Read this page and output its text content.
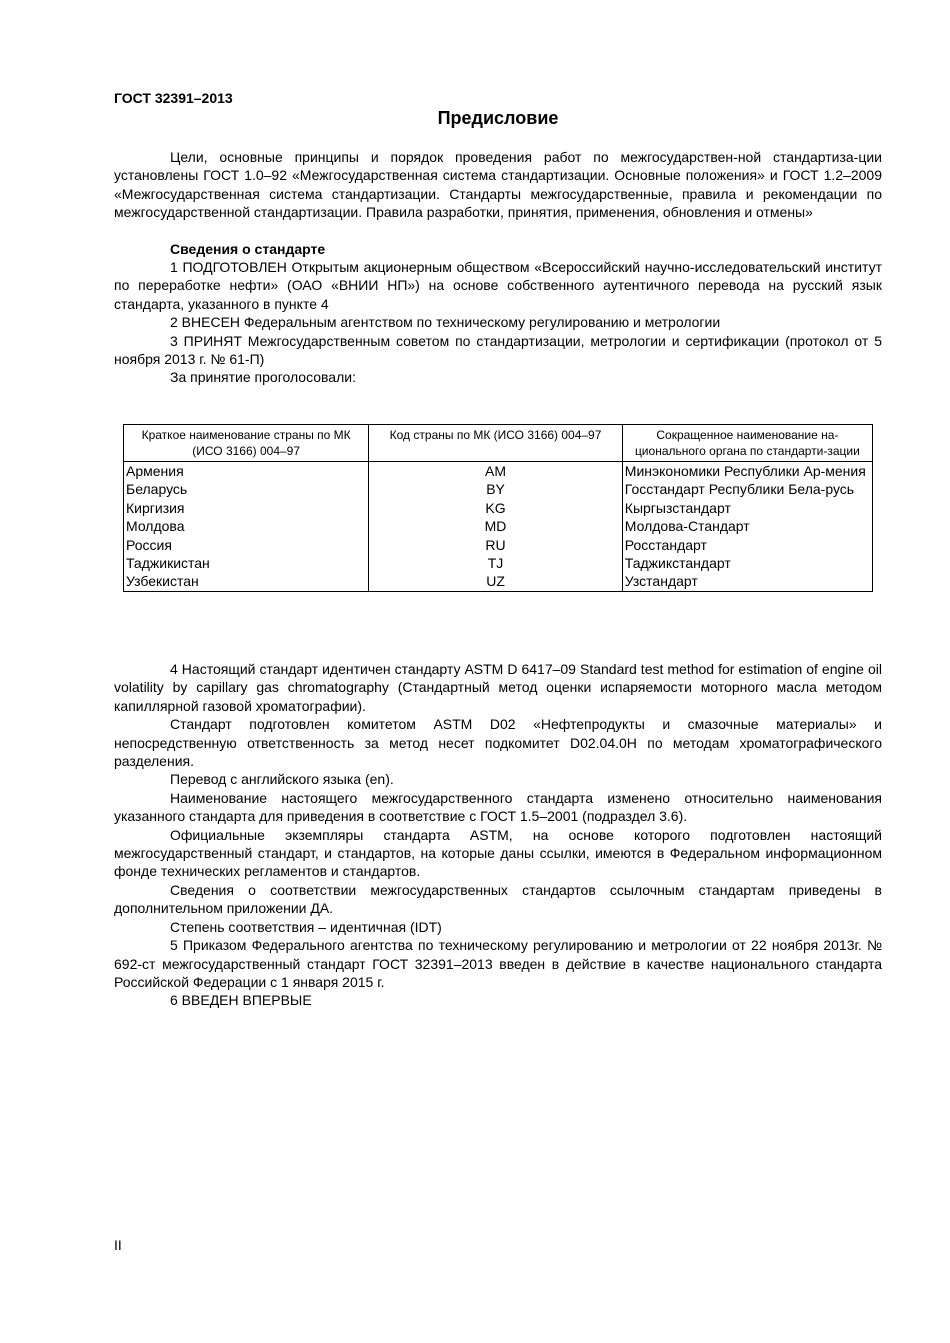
ГОСТ 32391–2013
Предисловие

Цели, основные принципы и порядок проведения работ по межгосударствен-ной стандартиза-ции установлены ГОСТ 1.0–92 «Межгосударственная система стандартизации. Основные положения» и ГОСТ 1.2–2009 «Межгосударственная система стандартизации. Стандарты межгосударственные, правила и рекомендации по межгосударственной стандартизации. Правила разработки, принятия, применения, обновления и отмены»

Сведения о стандарте

1 ПОДГОТОВЛЕН Открытым акционерным обществом «Всероссийский научно-исследовательский институт по переработке нефти» (ОАО «ВНИИ НП») на основе собственного аутентичного перевода на русский язык стандарта, указанного в пункте 4

2 ВНЕСЕН Федеральным агентством по техническому регулированию и метрологии

3 ПРИНЯТ Межгосударственным советом по стандартизации, метрологии и сертификации (протокол от 5 ноября 2013 г. № 61-П)

За принятие проголосовали:

Краткое наименование страны по МК (ИСО 3166) 004–97	Код страны по МК (ИСО 3166) 004–97	Сокращенное наименование на-ционального органа по стандарти-зации
Армения	AM	Минэкономики Республики Ар-мения
Беларусь	BY	Госстандарт Республики Бела-русь
Киргизия	KG	Кыргызстандарт
Молдова	MD	Молдова-Стандарт
Россия	RU	Росстандарт
Таджикистан	TJ	Таджикстандарт
Узбекистан	UZ	Узстандарт

4 Настоящий стандарт идентичен стандарту ASTM D 6417–09 Standard test method for estimation of engine oil volatility by capillary gas chromatography (Стандартный метод оценки испаряемости моторного масла методом капиллярной газовой хроматографии).

Стандарт подготовлен комитетом ASTM D02 «Нефтепродукты и смазочные материалы» и непосредственную ответственность за метод несет подкомитет D02.04.0H по методам хроматографического разделения.

Перевод с английского языка (en).

Наименование настоящего межгосударственного стандарта изменено относительно наименования указанного стандарта для приведения в соответствие с ГОСТ 1.5–2001 (подраздел 3.6).

Официальные экземпляры стандарта ASTM, на основе которого подготовлен настоящий межгосударственный стандарт, и стандартов, на которые даны ссылки, имеются в Федеральном информационном фонде технических регламентов и стандартов.

Сведения о соответствии межгосударственных стандартов ссылочным стандартам приведены в дополнительном приложении ДА.

Степень соответствия – идентичная (IDT)

5 Приказом Федерального агентства по техническому регулированию и метрологии от 22 ноября 2013г. № 692-ст межгосударственный стандарт ГОСТ 32391–2013 введен в действие в качестве национального стандарта Российской Федерации с 1 января 2015 г.

6 ВВЕДЕН ВПЕРВЫЕ

II
